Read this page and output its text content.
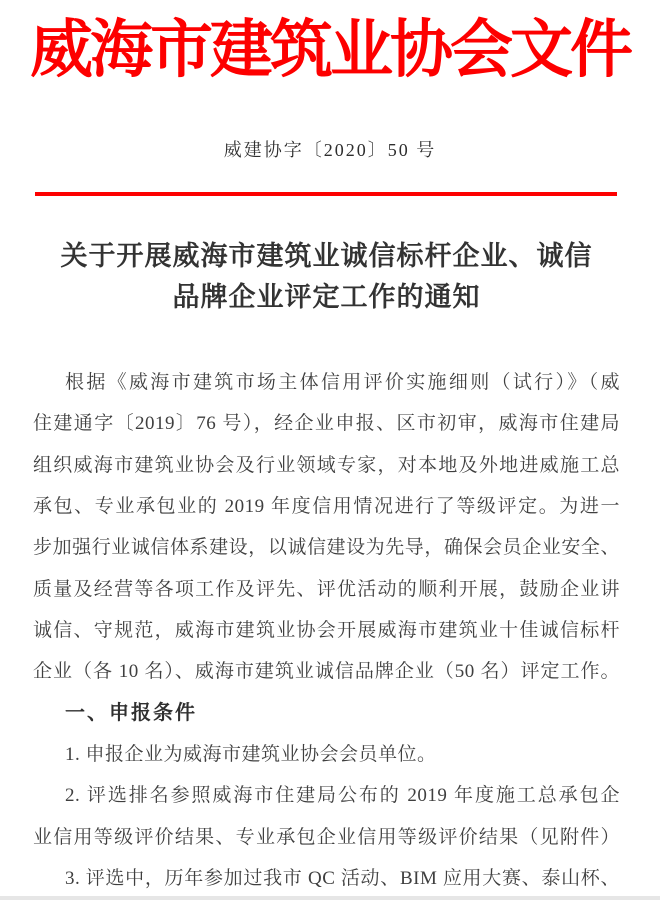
威海市建筑业协会文件
威建协字〔2020〕50 号
关于开展威海市建筑业诚信标杆企业、诚信
品牌企业评定工作的通知
根据《威海市建筑市场主体信用评价实施细则（试行）》（威
住建通字〔2019〕76 号），经企业申报、区市初审，威海市住建局
组织威海市建筑业协会及行业领域专家，对本地及外地进威施工总
承包、专业承包业的 2019 年度信用情况进行了等级评定。为进一
步加强行业诚信体系建设，以诚信建设为先导，确保会员企业安全、
质量及经营等各项工作及评先、评优活动的顺利开展，鼓励企业讲
诚信、守规范，威海市建筑业协会开展威海市建筑业十佳诚信标杆
企业（各 10 名）、威海市建筑业诚信品牌企业（50 名）评定工作。
一、申报条件
1. 申报企业为威海市建筑业协会会员单位。
2. 评选排名参照威海市住建局公布的 2019 年度施工总承包企
业信用等级评价结果、专业承包企业信用等级评价结果（见附件）
3. 评选中，历年参加过我市 QC 活动、BIM 应用大赛、泰山杯、
